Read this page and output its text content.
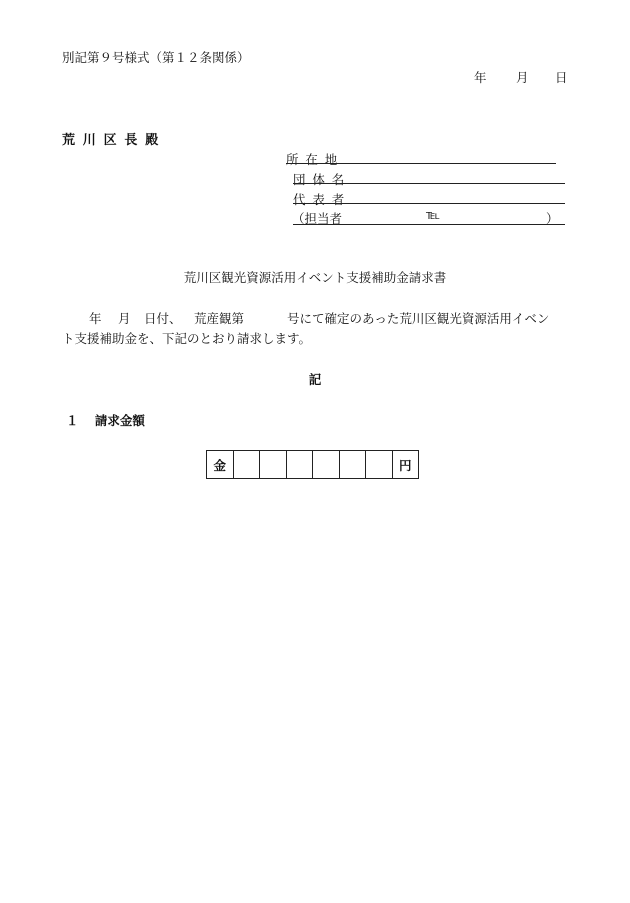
別記第９号様式（第１２条関係）
年 月 日
荒川区長殿
所在地
団体名
代表者
（担当者	℡	）
荒川区観光資源活用イベント支援補助金請求書
年 月 日付、 荒産観第	号にて確定のあった荒川区観光資源活用イベン
ト支援補助金を、下記のとおり請求します。
記
１ 請求金額
金							円
